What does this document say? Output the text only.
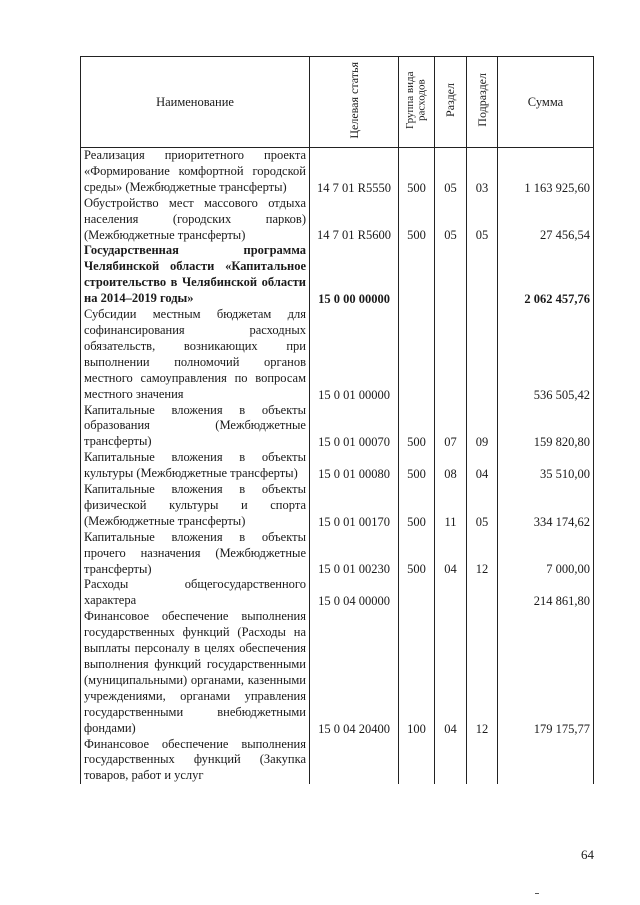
Наименование	Целевая статья	Группа вида расходов	Раздел	Подраздел	Сумма
Реализация приоритетного проекта «Формирование комфортной городской среды» (Межбюджетные трансферты)	14 7 01 R5550	500	05	03	1 163 925,60
Обустройство мест массового отдыха населения (городских парков) (Межбюджетные трансферты)	14 7 01 R5600	500	05	05	27 456,54
Государственная программа Челябинской области «Капитальное строительство в Челябинской области на 2014–2019 годы»	15 0 00 00000				2 062 457,76
Субсидии местным бюджетам для софинансирования расходных обязательств, возникающих при выполнении полномочий органов местного самоуправления по вопросам местного значения	15 0 01 00000				536 505,42
Капитальные вложения в объекты образования (Межбюджетные трансферты)	15 0 01 00070	500	07	09	159 820,80
Капитальные вложения в объекты культуры (Межбюджетные трансферты)	15 0 01 00080	500	08	04	35 510,00
Капитальные вложения в объекты физической культуры и спорта (Межбюджетные трансферты)	15 0 01 00170	500	11	05	334 174,62
Капитальные вложения в объекты прочего назначения (Межбюджетные трансферты)	15 0 01 00230	500	04	12	7 000,00
Расходы общегосударственного характера	15 0 04 00000				214 861,80
Финансовое обеспечение выполнения государственных функций (Расходы на выплаты персоналу в целях обеспечения выполнения функций государственными (муниципальными) органами, казенными учреждениями, органами управления государственными внебюджетными фондами)	15 0 04 20400	100	04	12	179 175,77
Финансовое обеспечение выполнения государственных функций (Закупка товаров, работ и услуг					
64
